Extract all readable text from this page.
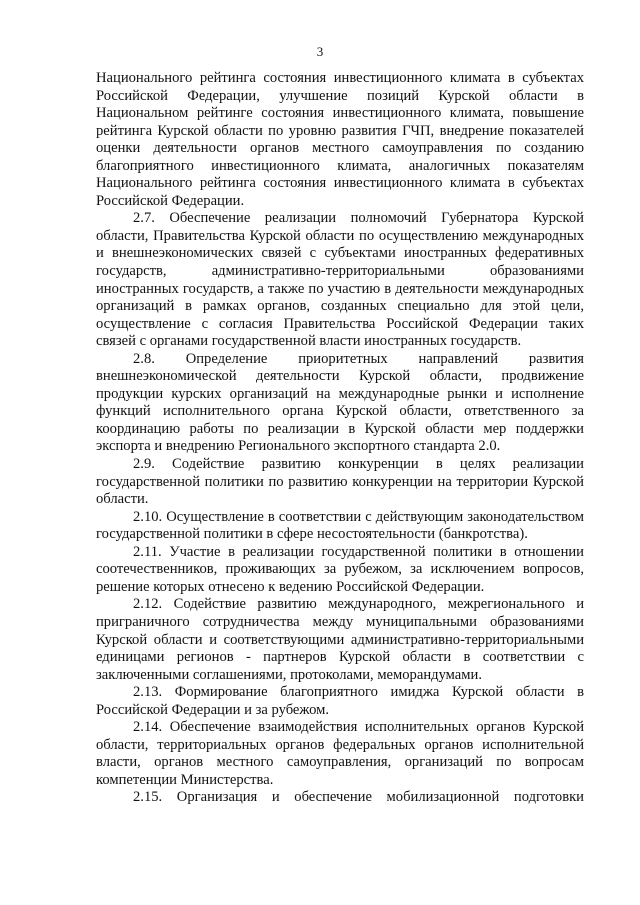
3

Национального рейтинга состояния инвестиционного климата в субъектах Российской Федерации, улучшение позиций Курской области в Национальном рейтинге состояния инвестиционного климата, повышение рейтинга Курской области по уровню развития ГЧП, внедрение показателей оценки деятельности органов местного самоуправления по созданию благоприятного инвестиционного климата, аналогичных показателям Национального рейтинга состояния инвестиционного климата в субъектах Российской Федерации.

2.7. Обеспечение реализации полномочий Губернатора Курской области, Правительства Курской области по осуществлению международных и внешнеэкономических связей с субъектами иностранных федеративных государств, административно-территориальными образованиями иностранных государств, а также по участию в деятельности международных организаций в рамках органов, созданных специально для этой цели, осуществление с согласия Правительства Российской Федерации таких связей с органами государственной власти иностранных государств.

2.8. Определение приоритетных направлений развития внешнеэкономической деятельности Курской области, продвижение продукции курских организаций на международные рынки и исполнение функций исполнительного органа Курской области, ответственного за координацию работы по реализации в Курской области мер поддержки экспорта и внедрению Регионального экспортного стандарта 2.0.

2.9. Содействие развитию конкуренции в целях реализации государственной политики по развитию конкуренции на территории Курской области.

2.10. Осуществление в соответствии с действующим законодательством государственной политики в сфере несостоятельности (банкротства).

2.11. Участие в реализации государственной политики в отношении соотечественников, проживающих за рубежом, за исключением вопросов, решение которых отнесено к ведению Российской Федерации.

2.12. Содействие развитию международного, межрегионального и приграничного сотрудничества между муниципальными образованиями Курской области и соответствующими административно-территориальными единицами регионов - партнеров Курской области в соответствии с заключенными соглашениями, протоколами, меморандумами.

2.13. Формирование благоприятного имиджа Курской области в Российской Федерации и за рубежом.

2.14. Обеспечение взаимодействия исполнительных органов Курской области, территориальных органов федеральных органов исполнительной власти, органов местного самоуправления, организаций по вопросам компетенции Министерства.

2.15. Организация и обеспечение мобилизационной подготовки
